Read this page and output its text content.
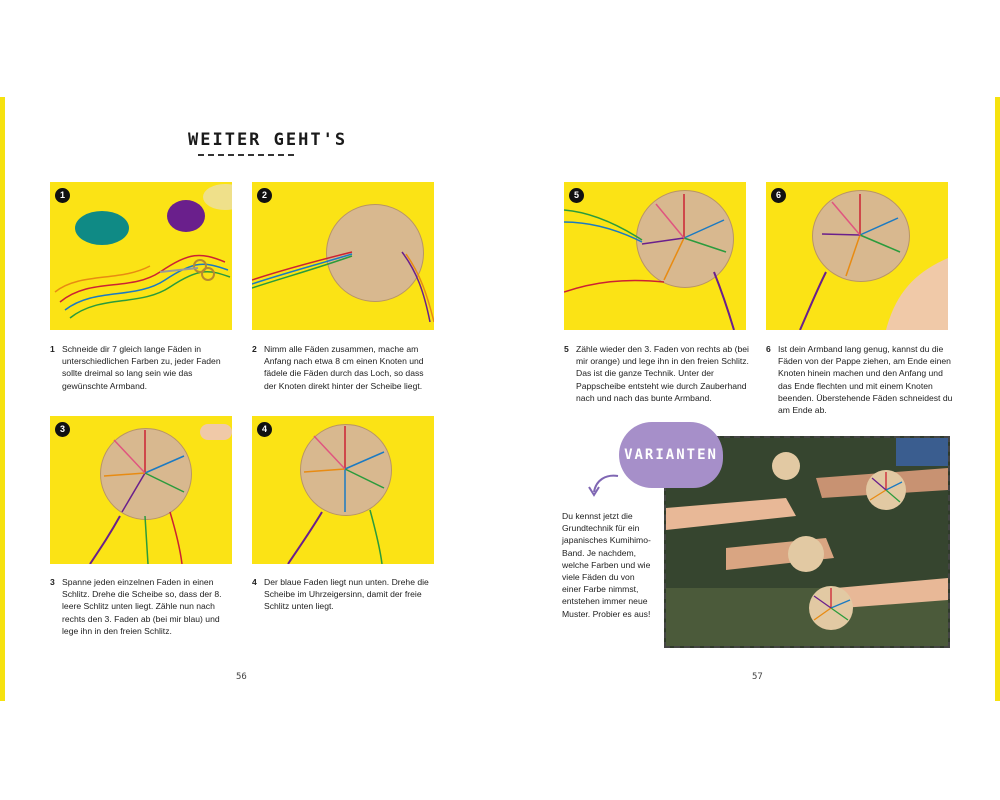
WEITER GEHT'S
1	2
3	4
5	6
1 Schneide dir 7 gleich lange Fäden in unterschiedlichen Farben zu, jeder Faden sollte dreimal so lang sein wie das gewünschte Armband.
2 Nimm alle Fäden zusammen, mache am Anfang nach etwa 8 cm einen Knoten und fädele die Fäden durch das Loch, so dass der Knoten direkt hinter der Scheibe liegt.
3 Spanne jeden einzelnen Faden in einen Schlitz. Drehe die Scheibe so, dass der 8. leere Schlitz unten liegt. Zähle nun nach rechts den 3. Faden ab (bei mir blau) und lege ihn in den freien Schlitz.
4 Der blaue Faden liegt nun unten. Drehe die Scheibe im Uhrzeigersinn, damit der freie Schlitz unten liegt.
5 Zähle wieder den 3. Faden von rechts ab (bei mir orange) und lege ihn in den freien Schlitz. Das ist die ganze Technik. Unter der Pappscheibe entsteht wie durch Zauberhand nach und nach das bunte Armband.
6 Ist dein Armband lang genug, kannst du die Fäden von der Pappe ziehen, am Ende einen Knoten hinein machen und den Anfang und das Ende flechten und mit einem Knoten beenden. Überstehende Fäden schneidest du am Ende ab.
VARIANTEN
Du kennst jetzt die Grundtechnik für ein japanisches Kumihimo-Band. Je nachdem, welche Farben und wie viele Fäden du von einer Farbe nimmst, entstehen immer neue Muster. Probier es aus!
56	57
